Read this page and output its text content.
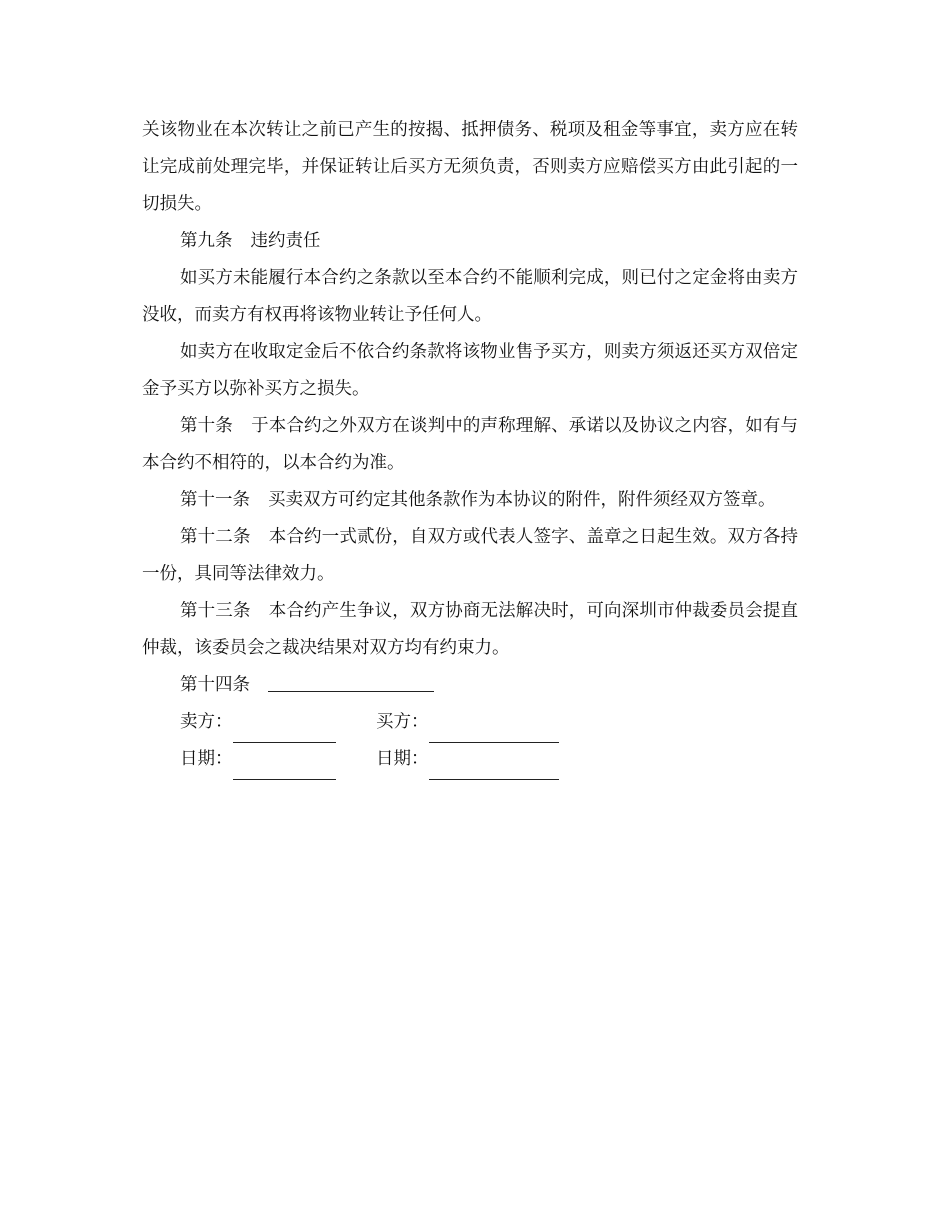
关该物业在本次转让之前已产生的按揭、抵押债务、税项及租金等事宜，卖方应在转让完成前处理完毕，并保证转让后买方无须负责，否则卖方应赔偿买方由此引起的一切损失。

第九条 违约责任

如买方未能履行本合约之条款以至本合约不能顺利完成，则已付之定金将由卖方没收，而卖方有权再将该物业转让予任何人。

如卖方在收取定金后不依合约条款将该物业售予买方，则卖方须返还买方双倍定金予买方以弥补买方之损失。

第十条 于本合约之外双方在谈判中的声称理解、承诺以及协议之内容，如有与本合约不相符的，以本合约为准。

第十一条 买卖双方可约定其他条款作为本协议的附件，附件须经双方签章。

第十二条 本合约一式贰份，自双方或代表人签字、盖章之日起生效。双方各持一份，具同等法律效力。

第十三条 本合约产生争议，双方协商无法解决时，可向深圳市仲裁委员会提直仲裁，该委员会之裁决结果对双方均有约束力。

第十四条

卖方：	买方：
日期：	日期：
